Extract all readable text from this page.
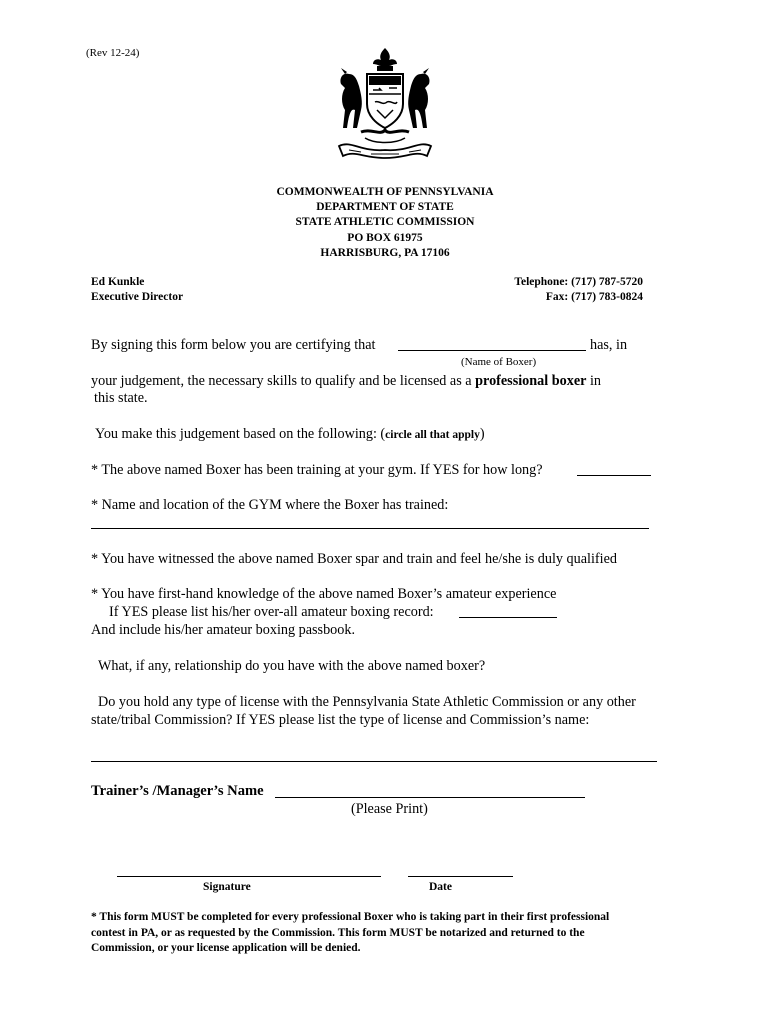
(Rev 12-24)
COMMONWEALTH OF PENNSYLVANIA
DEPARTMENT OF STATE
STATE ATHLETIC COMMISSION
PO BOX 61975
HARRISBURG, PA 17106
Ed Kunkle
Executive Director
Telephone: (717) 787-5720
Fax: (717) 783-0824
By signing this form below you are certifying that	has, in
(Name of Boxer)
your judgement, the necessary skills to qualify and be licensed as a professional boxer in
this state.
You make this judgement based on the following: (circle all that apply)
* The above named Boxer has been training at your gym. If YES for how long?
* Name and location of the GYM where the Boxer has trained:
* You have witnessed the above named Boxer spar and train and feel he/she is duly qualified
* You have first-hand knowledge of the above named Boxer’s amateur experience
If YES please list his/her over-all amateur boxing record:
And include his/her amateur boxing passbook.
What, if any, relationship do you have with the above named boxer?
Do you hold any type of license with the Pennsylvania State Athletic Commission or any other
state/tribal Commission? If YES please list the type of license and Commission’s name:
Trainer’s /Manager’s Name
(Please Print)
Signature	Date
* This form MUST be completed for every professional Boxer who is taking part in their first professional
contest in PA, or as requested by the Commission. This form MUST be notarized and returned to the
Commission, or your license application will be denied.
